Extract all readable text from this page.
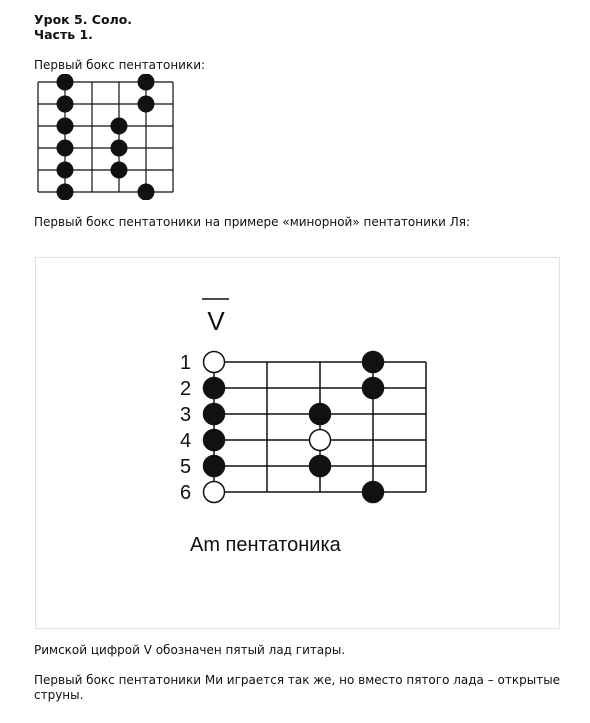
Урок 5. Соло.
Часть 1.
Первый бокс пентатоники:
Первый бокс пентатоники на примере «минорной» пентатоники Ля:
V
1
2
3
4
5
6
Am пентатоника
Римской цифрой V обозначен пятый лад гитары.
Первый бокс пентатоники Ми играется так же, но вместо пятого лада – открытые струны.
